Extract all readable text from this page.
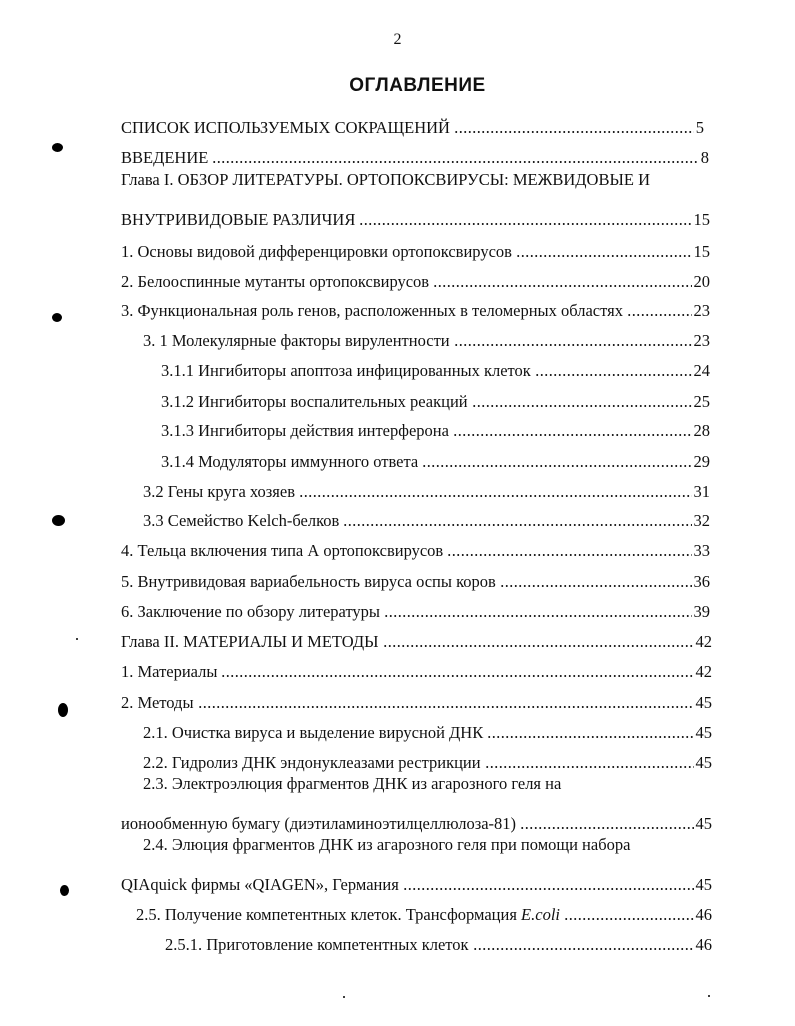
2
ОГЛАВЛЕНИЕ
СПИСОК ИСПОЛЬЗУЕМЫХ СОКРАЩЕНИЙ	5
ВВЕДЕНИЕ	8
Глава I. ОБЗОР ЛИТЕРАТУРЫ. ОРТОПОКСВИРУСЫ: МЕЖВИДОВЫЕ И
ВНУТРИВИДОВЫЕ РАЗЛИЧИЯ	15
1. Основы видовой дифференцировки ортопоксвирусов	15
2. Белооспинные мутанты ортопоксвирусов	20
3. Функциональная роль генов, расположенных в теломерных областях	23
3. 1 Молекулярные факторы вирулентности	23
3.1.1 Ингибиторы апоптоза инфицированных клеток	24
3.1.2 Ингибиторы воспалительных реакций	25
3.1.3 Ингибиторы действия интерферона	28
3.1.4 Модуляторы иммунного ответа	29
3.2 Гены круга хозяев	31
3.3 Семейство Kelch-белков	32
4. Тельца включения типа А ортопоксвирусов	33
5. Внутривидовая вариабельность вируса оспы коров	36
6. Заключение по обзору литературы	39
Глава II. МАТЕРИАЛЫ И МЕТОДЫ	42
1. Материалы	42
2. Методы	45
2.1. Очистка вируса и выделение вирусной ДНК	45
2.2. Гидролиз ДНК эндонуклеазами рестрикции	45
2.3. Электроэлюция фрагментов ДНК из агарозного геля на
ионообменную бумагу (диэтиламиноэтилцеллюлоза-81)	45
2.4. Элюция фрагментов ДНК из агарозного геля при помощи набора
QIAquick фирмы «QIAGEN», Германия	45
2.5. Получение компетентных клеток. Трансформация E.coli	46
2.5.1. Приготовление компетентных клеток	46
